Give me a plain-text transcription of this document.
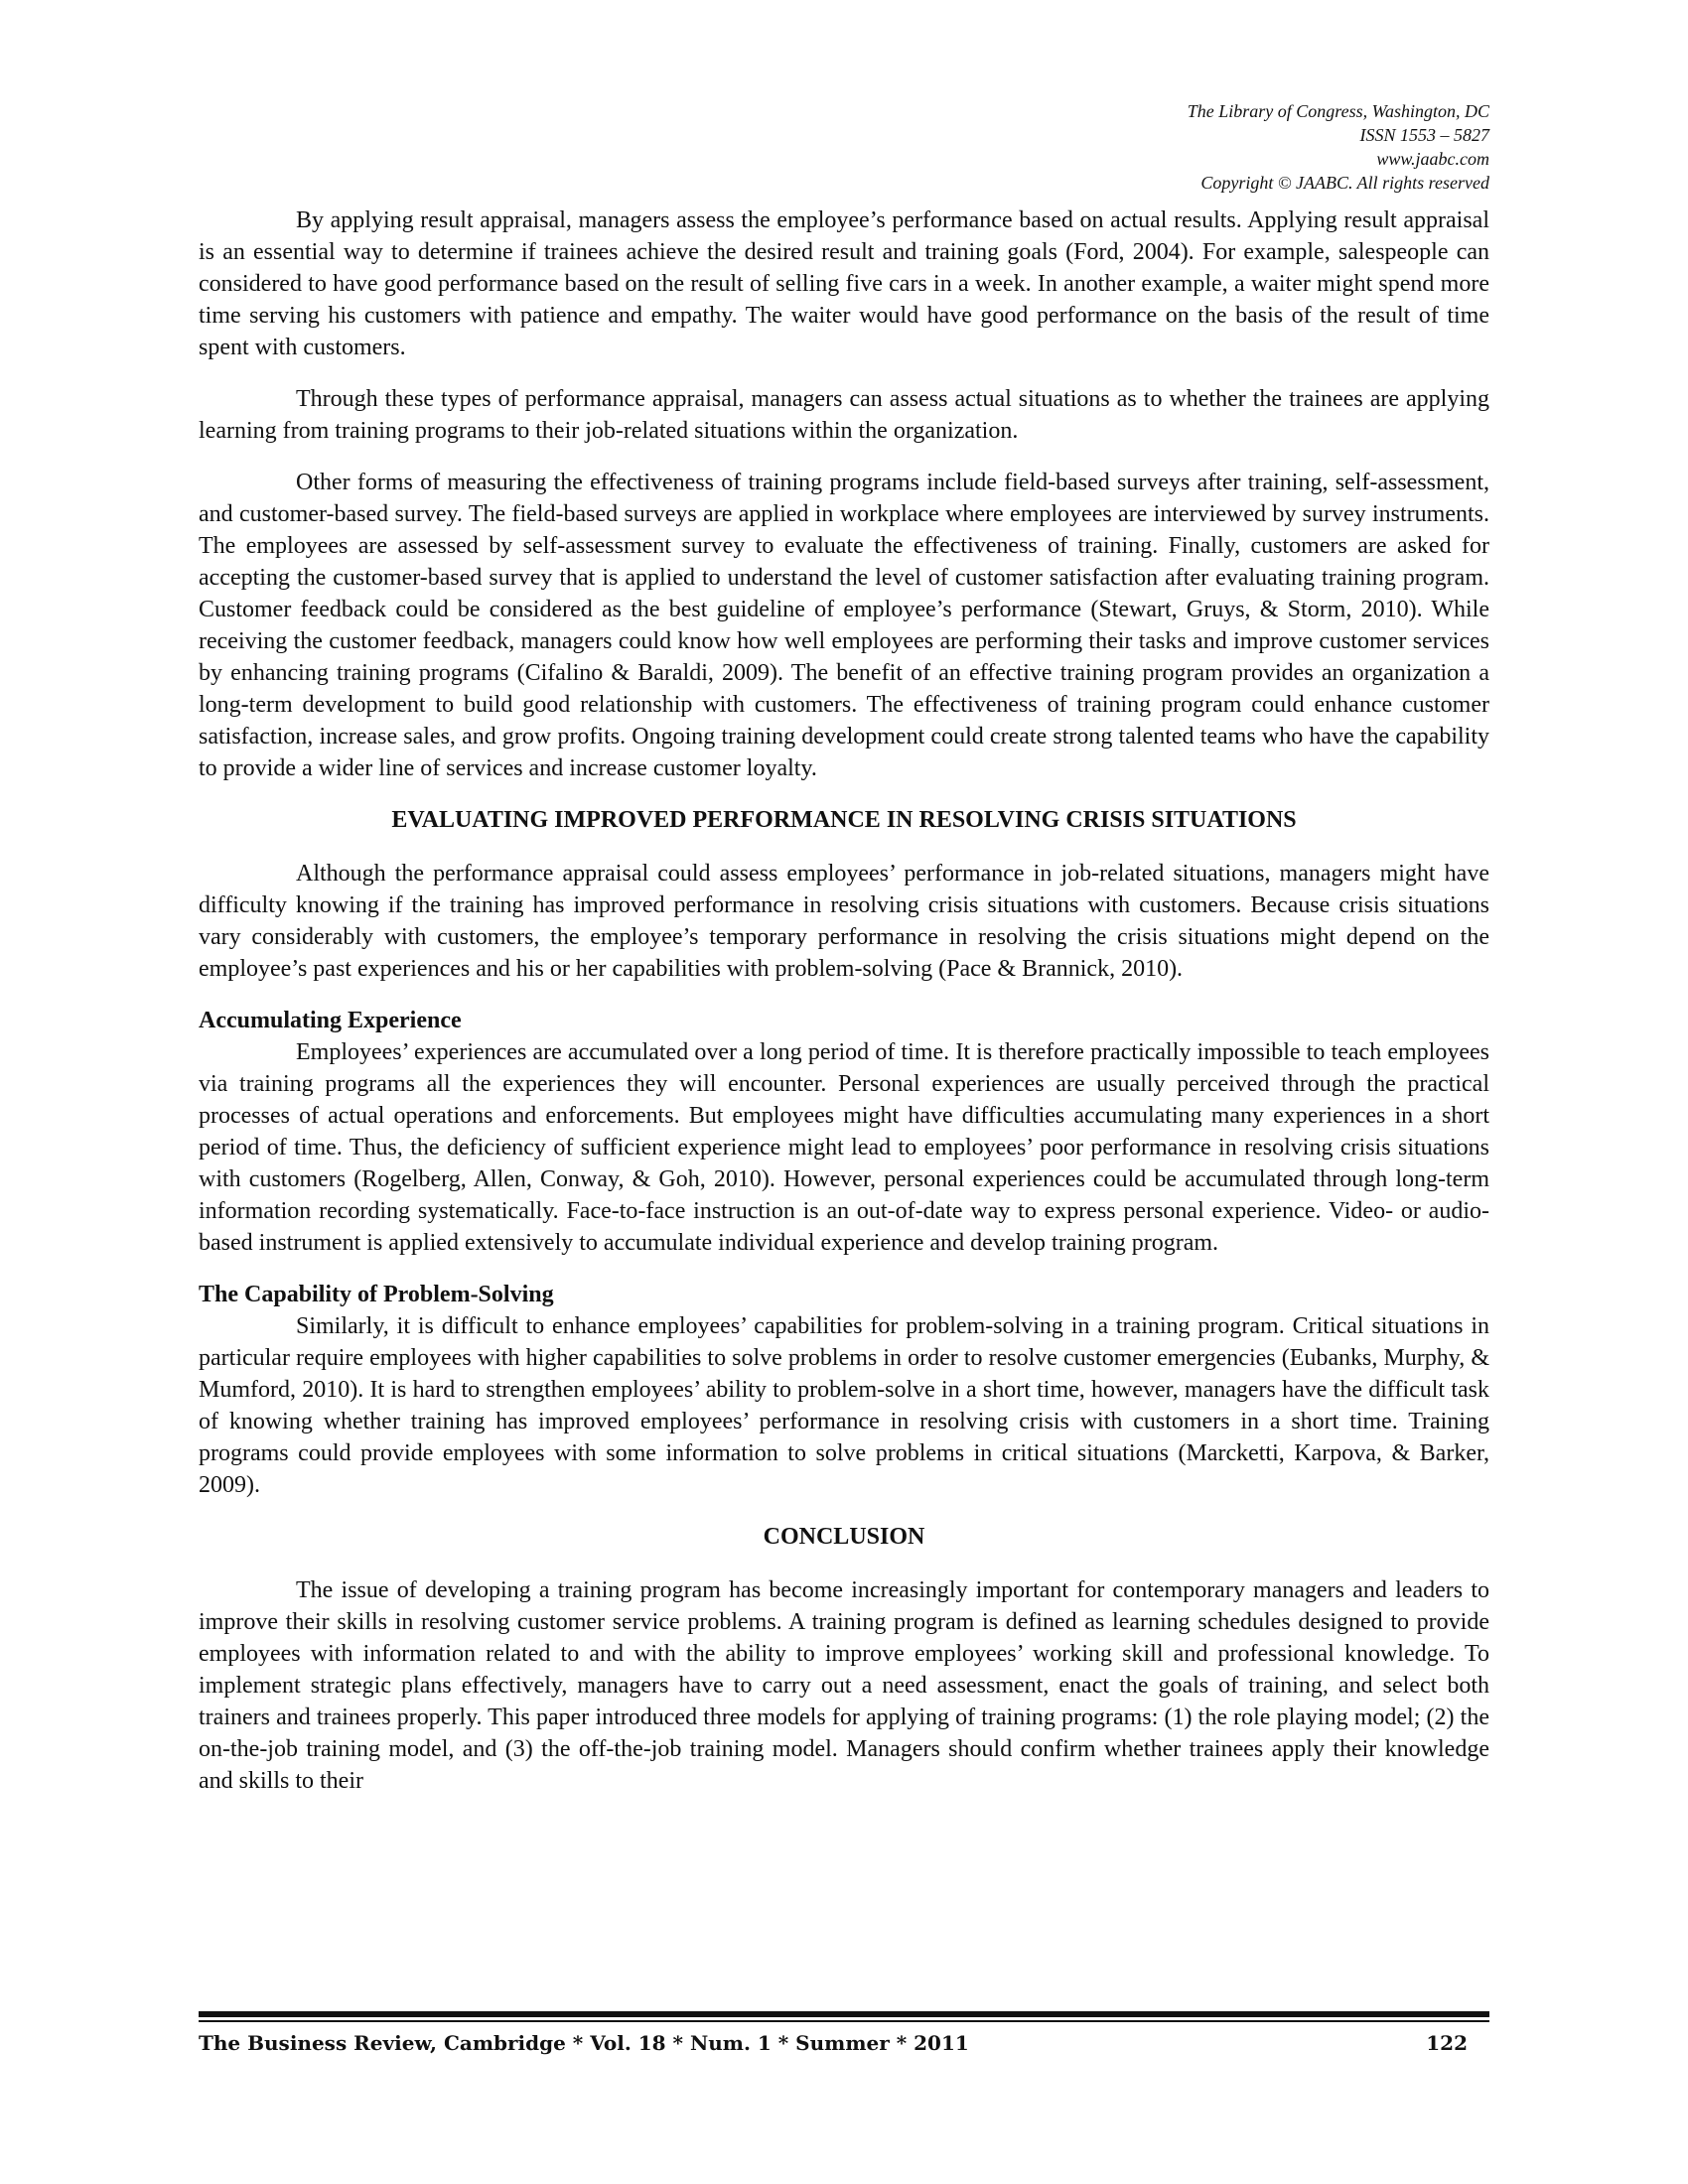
The Library of Congress, Washington, DC
ISSN 1553 – 5827
www.jaabc.com
Copyright © JAABC. All rights reserved

By applying result appraisal, managers assess the employee’s performance based on actual results. Applying result appraisal is an essential way to determine if trainees achieve the desired result and training goals (Ford, 2004). For example, salespeople can considered to have good performance based on the result of selling five cars in a week. In another example, a waiter might spend more time serving his customers with patience and empathy. The waiter would have good performance on the basis of the result of time spent with customers.

Through these types of performance appraisal, managers can assess actual situations as to whether the trainees are applying learning from training programs to their job-related situations within the organization.

Other forms of measuring the effectiveness of training programs include field-based surveys after training, self-assessment, and customer-based survey. The field-based surveys are applied in workplace where employees are interviewed by survey instruments. The employees are assessed by self-assessment survey to evaluate the effectiveness of training. Finally, customers are asked for accepting the customer-based survey that is applied to understand the level of customer satisfaction after evaluating training program. Customer feedback could be considered as the best guideline of employee’s performance (Stewart, Gruys, & Storm, 2010). While receiving the customer feedback, managers could know how well employees are performing their tasks and improve customer services by enhancing training programs (Cifalino & Baraldi, 2009). The benefit of an effective training program provides an organization a long-term development to build good relationship with customers. The effectiveness of training program could enhance customer satisfaction, increase sales, and grow profits. Ongoing training development could create strong talented teams who have the capability to provide a wider line of services and increase customer loyalty.

EVALUATING IMPROVED PERFORMANCE IN RESOLVING CRISIS SITUATIONS

Although the performance appraisal could assess employees’ performance in job-related situations, managers might have difficulty knowing if the training has improved performance in resolving crisis situations with customers. Because crisis situations vary considerably with customers, the employee’s temporary performance in resolving the crisis situations might depend on the employee’s past experiences and his or her capabilities with problem-solving (Pace & Brannick, 2010).

Accumulating Experience

Employees’ experiences are accumulated over a long period of time. It is therefore practically impossible to teach employees via training programs all the experiences they will encounter. Personal experiences are usually perceived through the practical processes of actual operations and enforcements. But employees might have difficulties accumulating many experiences in a short period of time. Thus, the deficiency of sufficient experience might lead to employees’ poor performance in resolving crisis situations with customers (Rogelberg, Allen, Conway, & Goh, 2010). However, personal experiences could be accumulated through long-term information recording systematically. Face-to-face instruction is an out-of-date way to express personal experience. Video- or audio-based instrument is applied extensively to accumulate individual experience and develop training program.

The Capability of Problem-Solving

Similarly, it is difficult to enhance employees’ capabilities for problem-solving in a training program. Critical situations in particular require employees with higher capabilities to solve problems in order to resolve customer emergencies (Eubanks, Murphy, & Mumford, 2010). It is hard to strengthen employees’ ability to problem-solve in a short time, however, managers have the difficult task of knowing whether training has improved employees’ performance in resolving crisis with customers in a short time. Training programs could provide employees with some information to solve problems in critical situations (Marcketti, Karpova, & Barker, 2009).

CONCLUSION

The issue of developing a training program has become increasingly important for contemporary managers and leaders to improve their skills in resolving customer service problems. A training program is defined as learning schedules designed to provide employees with information related to and with the ability to improve employees’ working skill and professional knowledge. To implement strategic plans effectively, managers have to carry out a need assessment, enact the goals of training, and select both trainers and trainees properly. This paper introduced three models for applying of training programs: (1) the role playing model; (2) the on-the-job training model, and (3) the off-the-job training model. Managers should confirm whether trainees apply their knowledge and skills to their

The Business Review, Cambridge * Vol. 18 * Num. 1 * Summer * 2011	122
